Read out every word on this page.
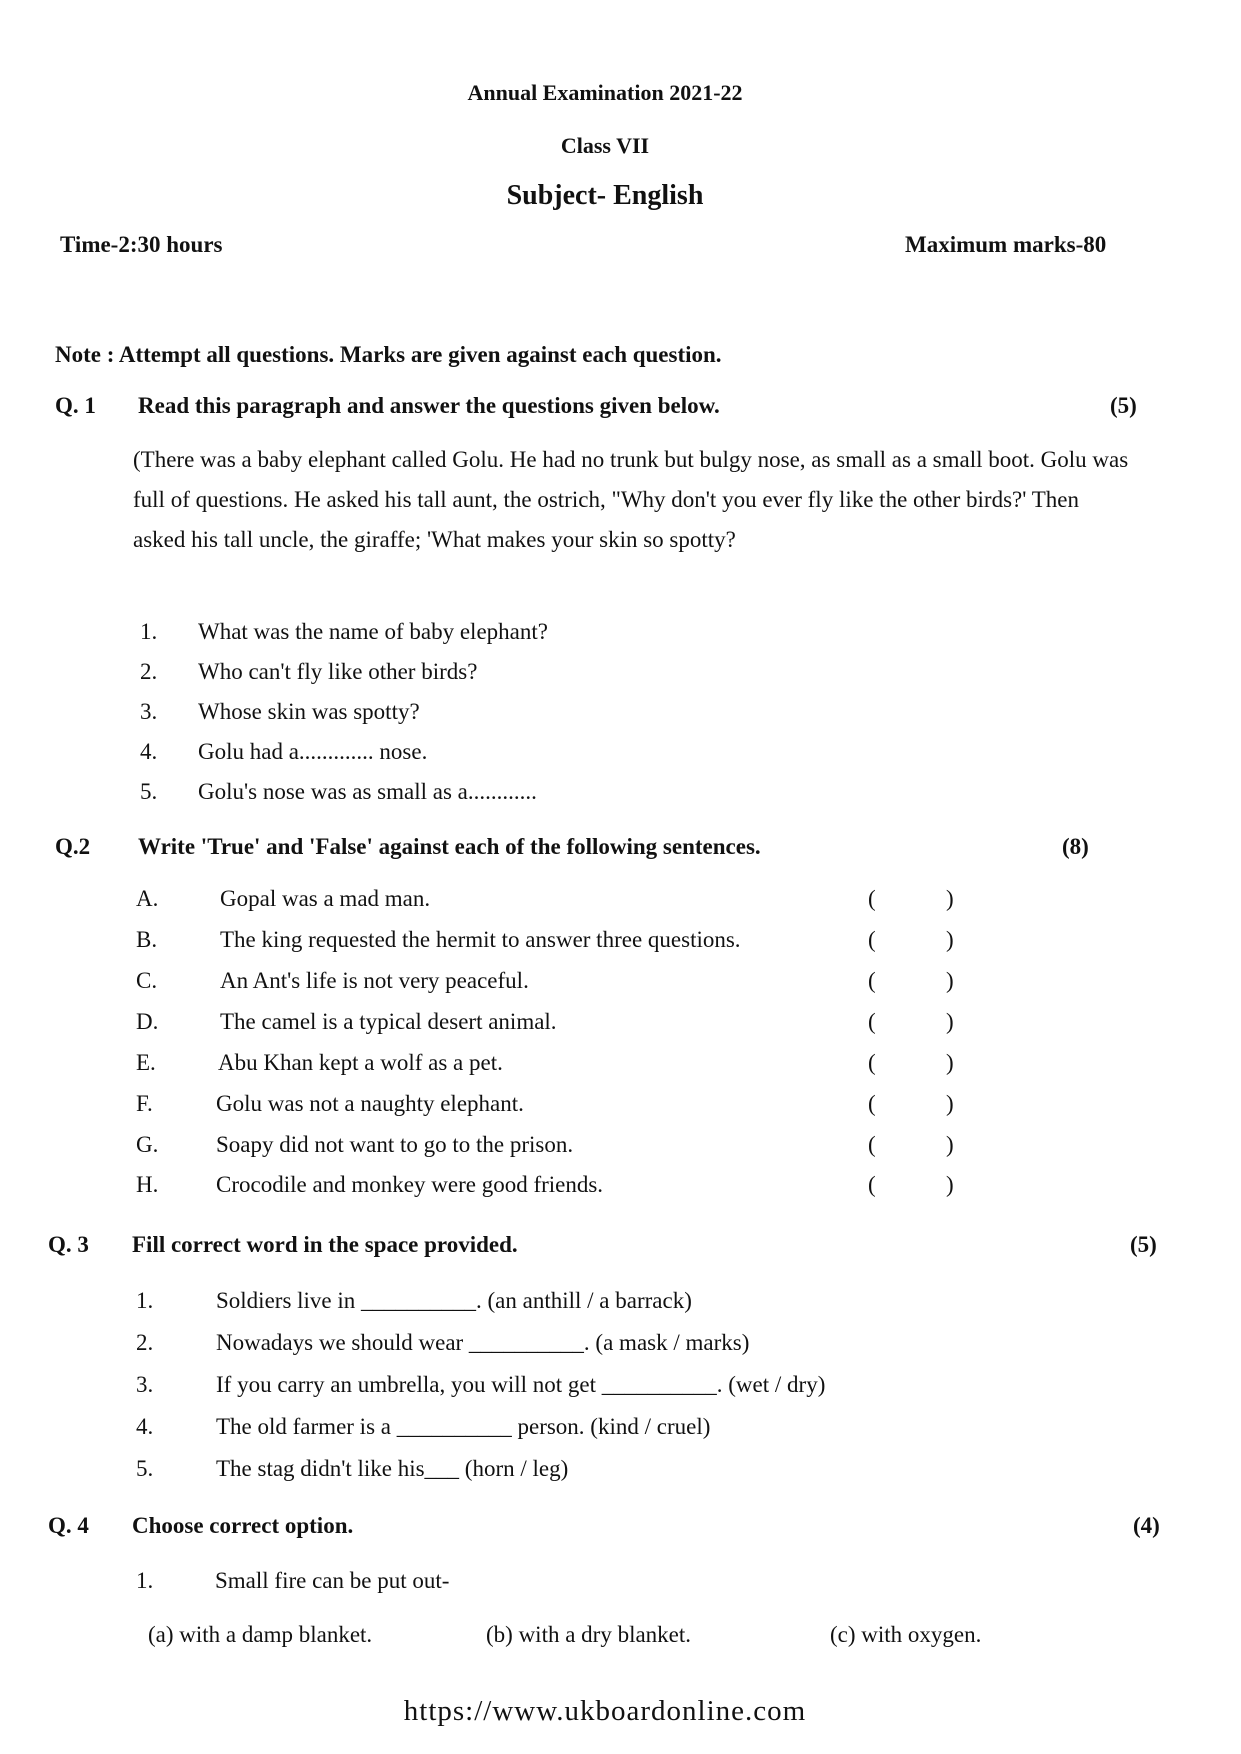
Annual Examination 2021-22
Class VII
Subject- English
Time-2:30 hours	Maximum marks-80
Note : Attempt all questions. Marks are given against each question.
Q. 1 Read this paragraph and answer the questions given below.	(5)
(There was a baby elephant called Golu. He had no trunk but bulgy nose, as small as a small boot. Golu was full of questions. He asked his tall aunt, the ostrich, "Why don't you ever fly like the other birds?' Then asked his tall uncle, the giraffe; 'What makes your skin so spotty?
1. What was the name of baby elephant?
2. Who can't fly like other birds?
3. Whose skin was spotty?
4. Golu had a............. nose.
5. Golu's nose was as small as a............
Q.2 Write 'True' and 'False' against each of the following sentences.	(8)
A.	Gopal was a mad man.	(	)
B.	The king requested the hermit to answer three questions.	(	)
C.	An Ant's life is not very peaceful.	(	)
D.	The camel is a typical desert animal.	(	)
E.	Abu Khan kept a wolf as a pet.	(	)
F.	Golu was not a naughty elephant.	(	)
G.	Soapy did not want to go to the prison.	(	)
H.	Crocodile and monkey were good friends.	(	)
Q. 3 Fill correct word in the space provided.	(5)
1.	Soldiers live in __________. (an anthill / a barrack)
2.	Nowadays we should wear __________. (a mask / marks)
3.	If you carry an umbrella, you will not get __________. (wet / dry)
4.	The old farmer is a __________ person. (kind / cruel)
5.	The stag didn't like his___ (horn / leg)
Q. 4 Choose correct option.	(4)
1.	Small fire can be put out-
(a) with a damp blanket.	(b) with a dry blanket.	(c) with oxygen.
https://www.ukboardonline.com
